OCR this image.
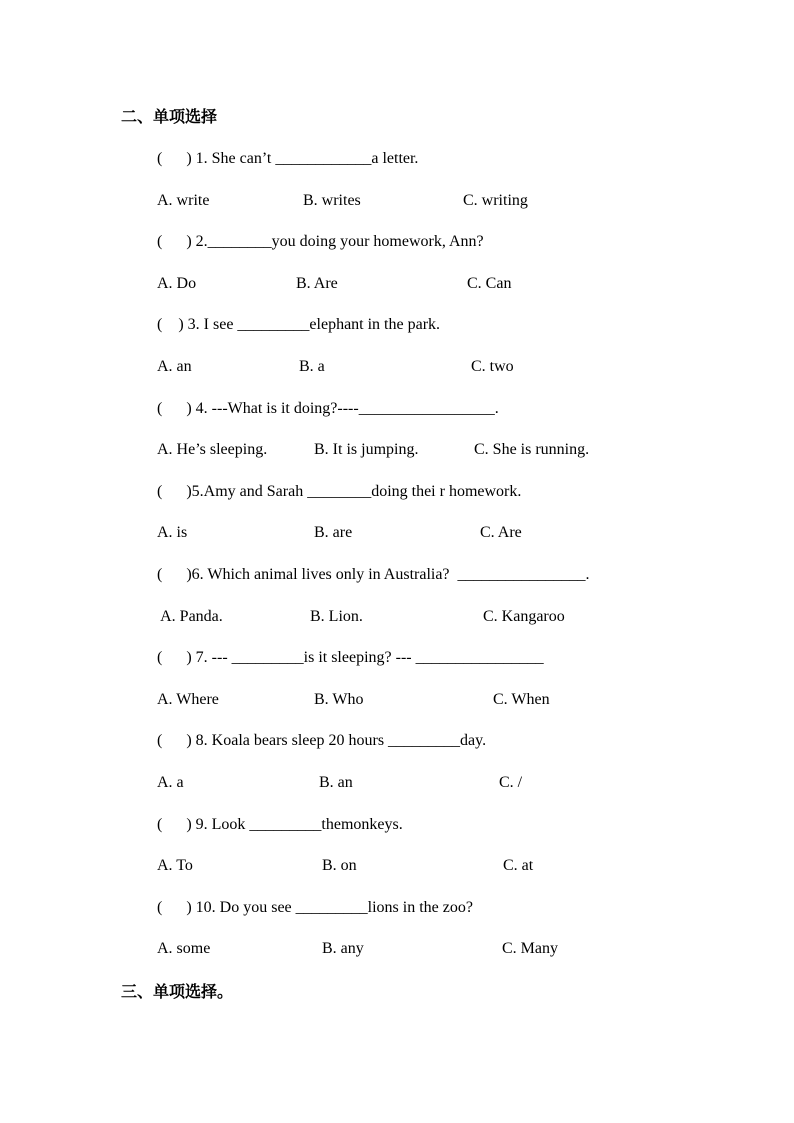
二、单项选择
(      ) 1. She can’t ____________a letter.
A. write	B. writes	C. writing
(      ) 2.________you doing your homework, Ann?
A. Do	B. Are	C. Can
(    ) 3. I see _________elephant in the park.
A. an	B. a	C. two
(      ) 4. ---What is it doing?----_________________.
A. He’s sleeping.	B. It is jumping.	C. She is running.
(      )5.Amy and Sarah ________doing thei r homework.
A. is	B. are	C. Are
(      )6. Which animal lives only in Australia?  ________________.
A. Panda.	B. Lion.	C. Kangaroo
(      ) 7. --- _________is it sleeping? --- ________________
A. Where	B. Who	C. When
(      ) 8. Koala bears sleep 20 hours _________day.
A. a	B. an	C. /
(      ) 9. Look _________themonkeys.
A. To	B. on	C. at
(      ) 10. Do you see _________lions in the zoo?
A. some	B. any	C. Many
三、单项选择。
